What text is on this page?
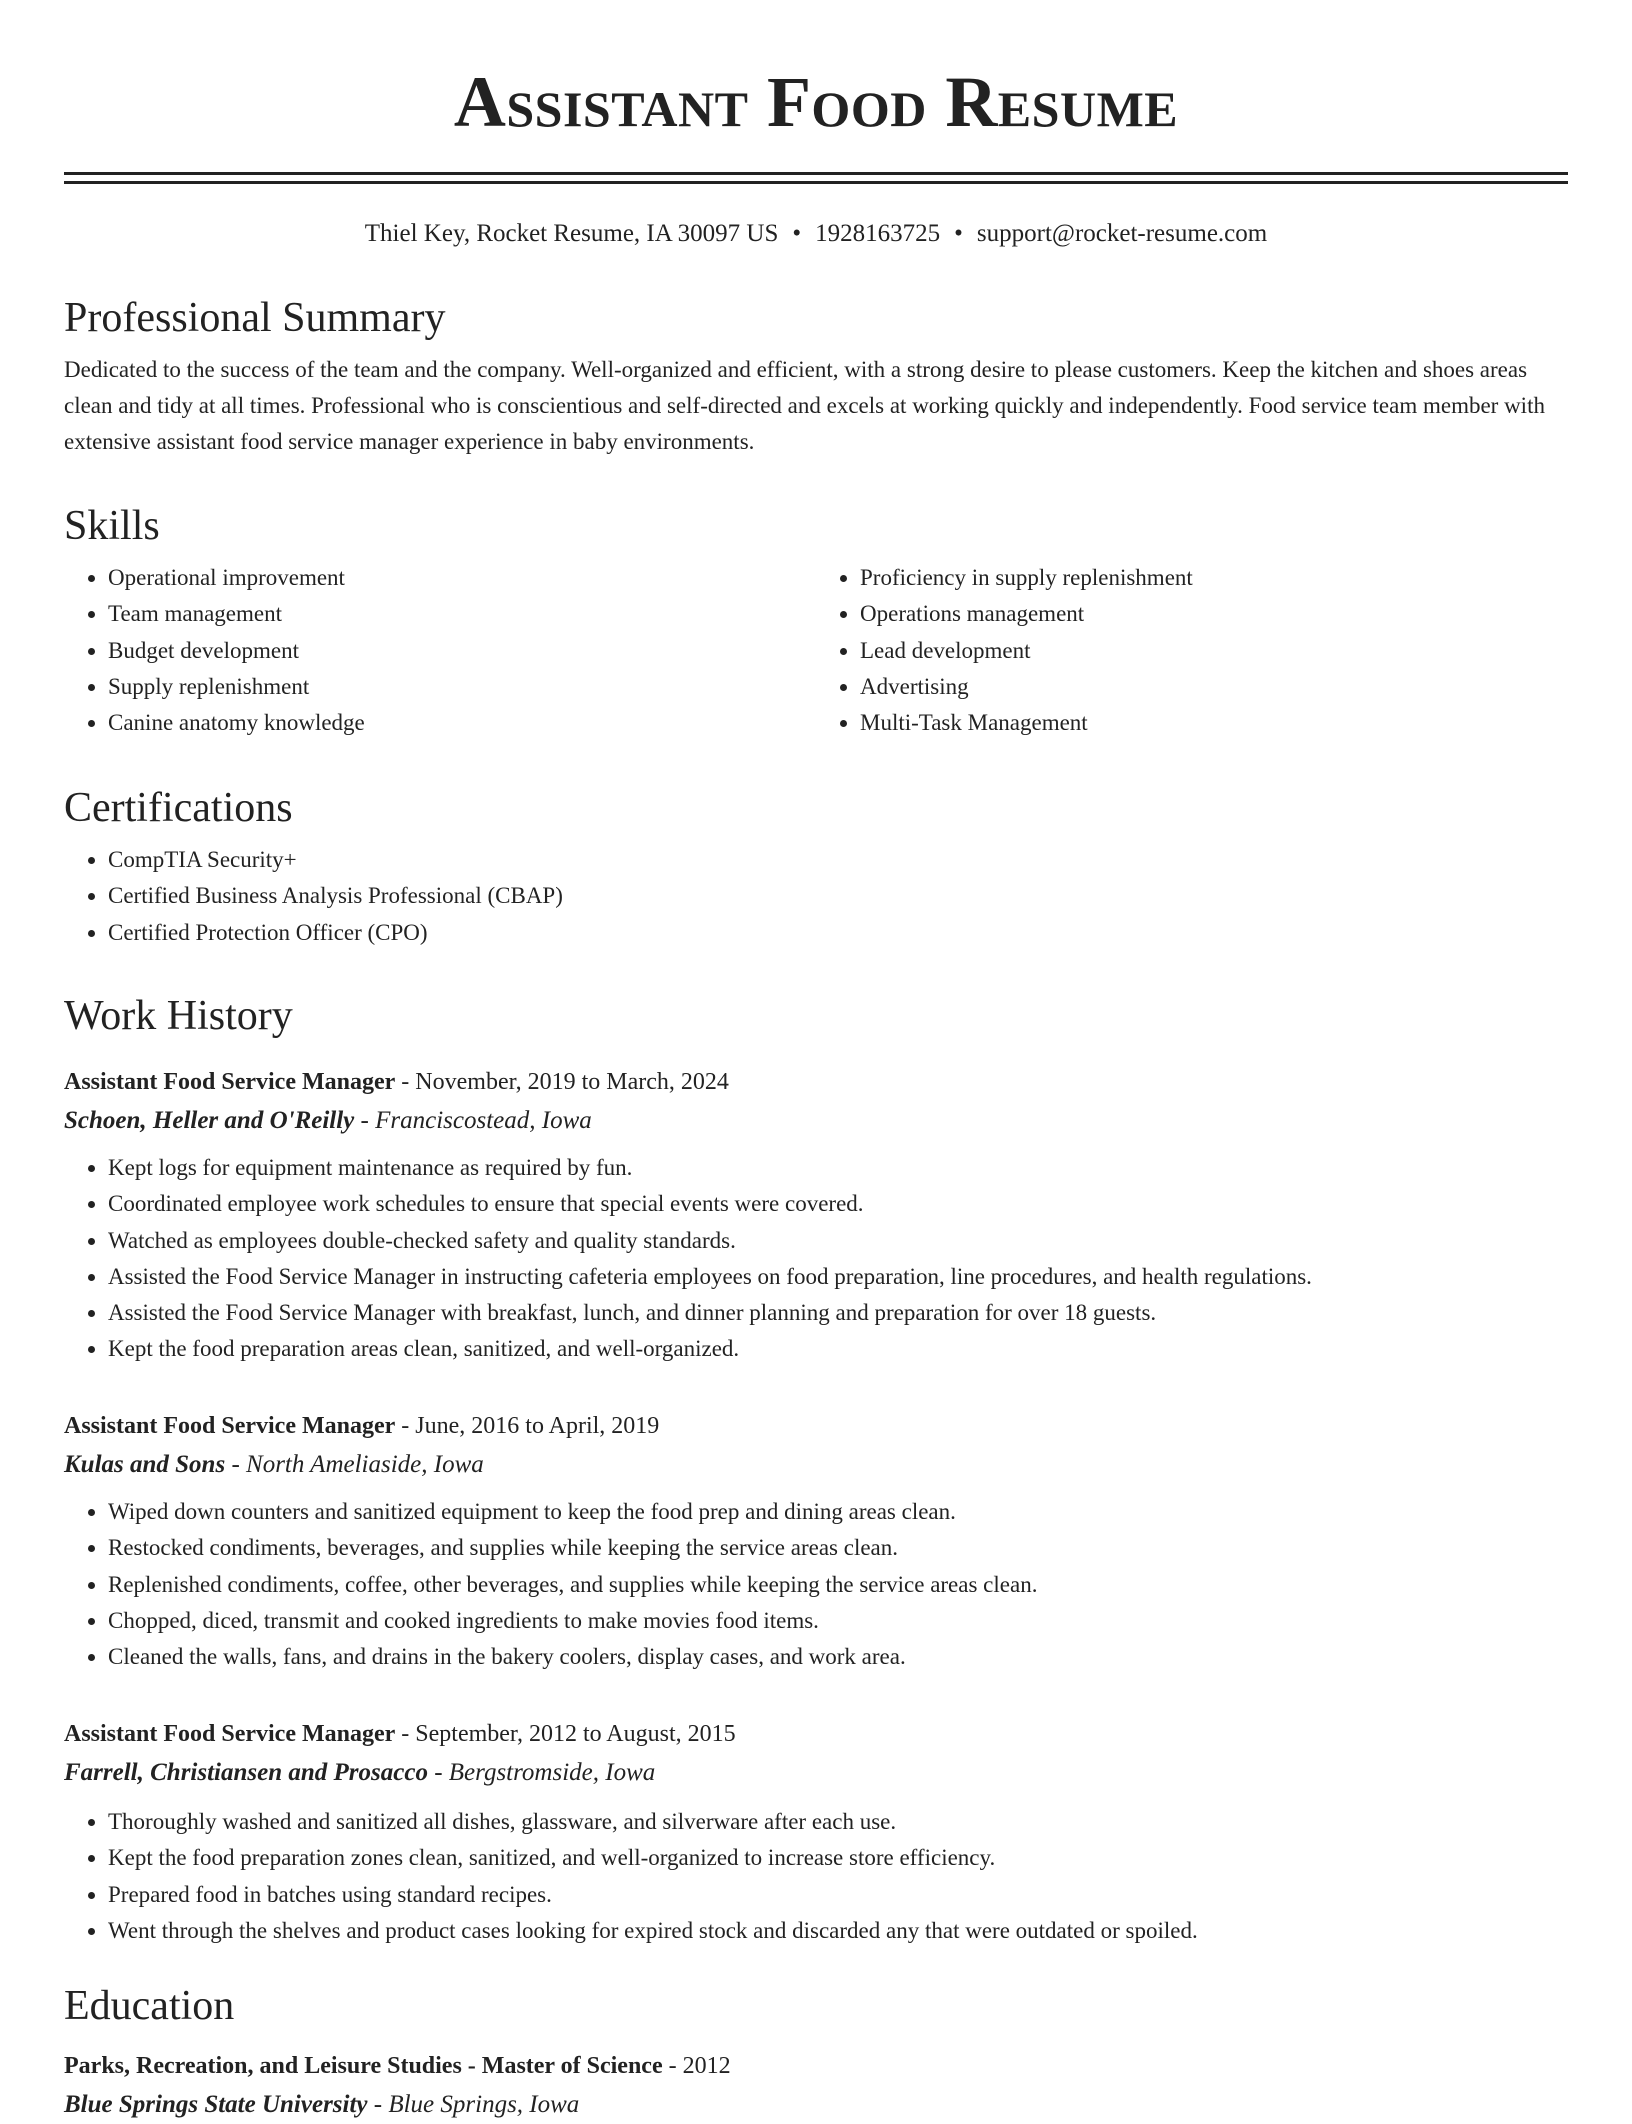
Assistant Food Resume
Thiel Key, Rocket Resume, IA 30097 US • 1928163725 • support@rocket-resume.com
Professional Summary

Dedicated to the success of the team and the company. Well-organized and efficient, with a strong desire to please customers. Keep the kitchen and shoes areas clean and tidy at all times. Professional who is conscientious and self-directed and excels at working quickly and independently. Food service team member with extensive assistant food service manager experience in baby environments.

Skills
• Operational improvement
• Team management
• Budget development
• Supply replenishment
• Canine anatomy knowledge
• Proficiency in supply replenishment
• Operations management
• Lead development
• Advertising
• Multi-Task Management
Certifications
• CompTIA Security+
• Certified Business Analysis Professional (CBAP)
• Certified Protection Officer (CPO)
Work History

Assistant Food Service Manager - November, 2019 to March, 2024

Schoen, Heller and O'Reilly - Franciscostead, Iowa

• Kept logs for equipment maintenance as required by fun.
• Coordinated employee work schedules to ensure that special events were covered.
• Watched as employees double-checked safety and quality standards.
• Assisted the Food Service Manager in instructing cafeteria employees on food preparation, line procedures, and health regulations.
• Assisted the Food Service Manager with breakfast, lunch, and dinner planning and preparation for over 18 guests.
• Kept the food preparation areas clean, sanitized, and well-organized.

Assistant Food Service Manager - June, 2016 to April, 2019

Kulas and Sons - North Ameliaside, Iowa

• Wiped down counters and sanitized equipment to keep the food prep and dining areas clean.
• Restocked condiments, beverages, and supplies while keeping the service areas clean.
• Replenished condiments, coffee, other beverages, and supplies while keeping the service areas clean.
• Chopped, diced, transmit and cooked ingredients to make movies food items.
• Cleaned the walls, fans, and drains in the bakery coolers, display cases, and work area.

Assistant Food Service Manager - September, 2012 to August, 2015

Farrell, Christiansen and Prosacco - Bergstromside, Iowa

• Thoroughly washed and sanitized all dishes, glassware, and silverware after each use.
• Kept the food preparation zones clean, sanitized, and well-organized to increase store efficiency.
• Prepared food in batches using standard recipes.
• Went through the shelves and product cases looking for expired stock and discarded any that were outdated or spoiled.
Education

Parks, Recreation, and Leisure Studies - Master of Science - 2012

Blue Springs State University - Blue Springs, Iowa
